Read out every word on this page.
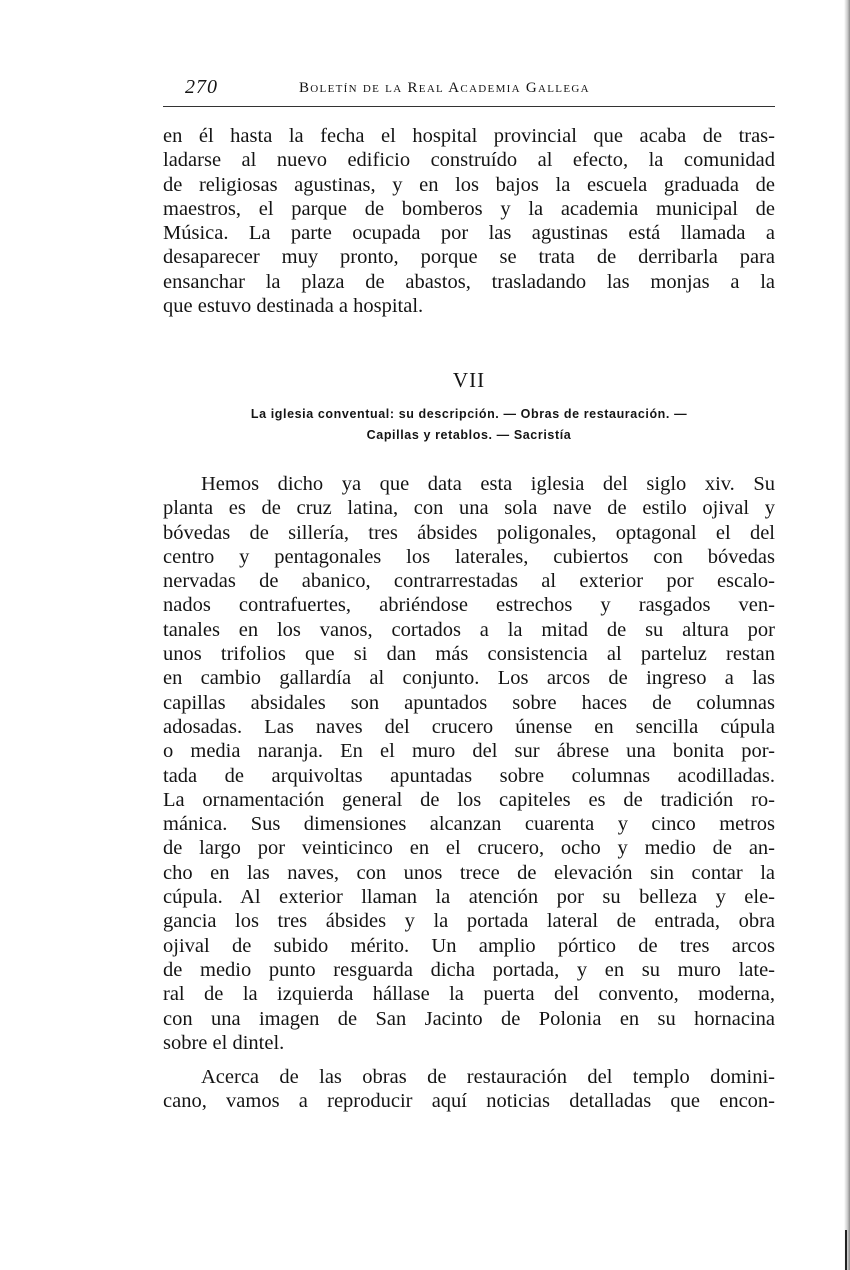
270	Boletín de la Real Academia Gallega
en él hasta la fecha el hospital provincial que acaba de tras-
ladarse al nuevo edificio construído al efecto, la comunidad
de religiosas agustinas, y en los bajos la escuela graduada de
maestros, el parque de bomberos y la academia municipal de
Música. La parte ocupada por las agustinas está llamada a
desaparecer muy pronto, porque se trata de derribarla para
ensanchar la plaza de abastos, trasladando las monjas a la
que estuvo destinada a hospital.
VII
La iglesia conventual: su descripción. — Obras de restauración. —
Capillas y retablos. — Sacristía
Hemos dicho ya que data esta iglesia del siglo xiv. Su
planta es de cruz latina, con una sola nave de estilo ojival y
bóvedas de sillería, tres ábsides poligonales, optagonal el del
centro y pentagonales los laterales, cubiertos con bóvedas
nervadas de abanico, contrarrestadas al exterior por escalo-
nados contrafuertes, abriéndose estrechos y rasgados ven-
tanales en los vanos, cortados a la mitad de su altura por
unos trifolios que si dan más consistencia al parteluz restan
en cambio gallardía al conjunto. Los arcos de ingreso a las
capillas absidales son apuntados sobre haces de columnas
adosadas. Las naves del crucero únense en sencilla cúpula
o media naranja. En el muro del sur ábrese una bonita por-
tada de arquivoltas apuntadas sobre columnas acodilladas.
La ornamentación general de los capiteles es de tradición ro-
mánica. Sus dimensiones alcanzan cuarenta y cinco metros
de largo por veinticinco en el crucero, ocho y medio de an-
cho en las naves, con unos trece de elevación sin contar la
cúpula. Al exterior llaman la atención por su belleza y ele-
gancia los tres ábsides y la portada lateral de entrada, obra
ojival de subido mérito. Un amplio pórtico de tres arcos
de medio punto resguarda dicha portada, y en su muro late-
ral de la izquierda hállase la puerta del convento, moderna,
con una imagen de San Jacinto de Polonia en su hornacina
sobre el dintel.
Acerca de las obras de restauración del templo domini-
cano, vamos a reproducir aquí noticias detalladas que encon-
